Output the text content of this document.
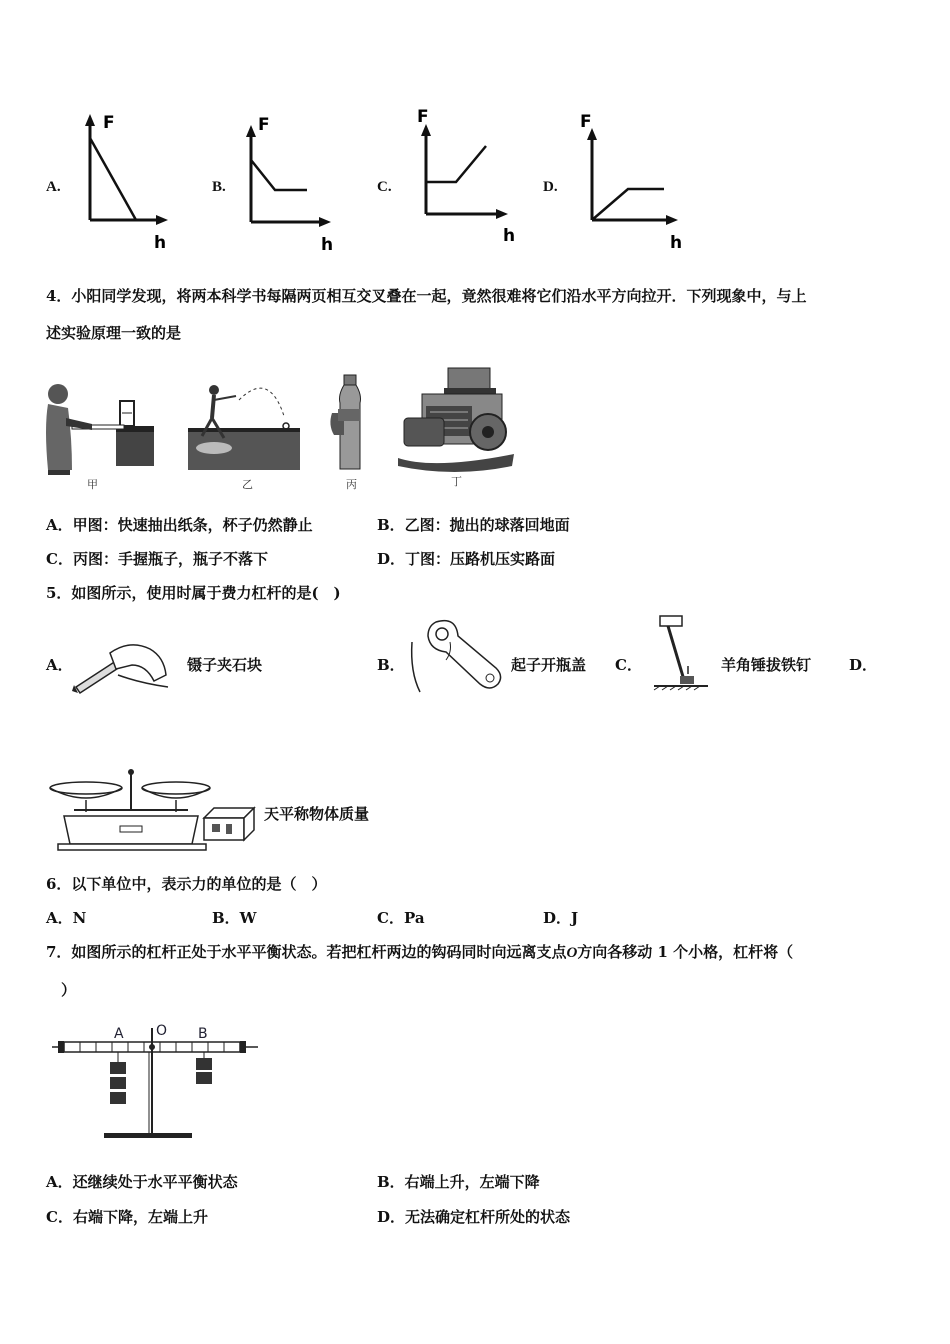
A.
F
h
B.
F
h
C.
F
h
D.
F
h
4．小阳同学发现，将两本科学书每隔两页相互交叉叠在一起，竟然很难将它们沿水平方向拉开．下列现象中，与上
述实验原理一致的是
甲	乙	丙	丁
A．甲图：快速抽出纸条，杯子仍然静止	B．乙图：抛出的球落回地面
C．丙图：手握瓶子，瓶子不落下	D．丁图：压路机压实路面
5．如图所示，使用时属于费力杠杆的是(　)
A．	镊子夹石块	B．	起子开瓶盖 C．	羊角锤拔铁钉	D．
天平称物体质量
6．以下单位中，表示力的单位的是（　）
A．N	B．W	C．Pa	D．J
7．如图所示的杠杆正处于水平平衡状态。若把杠杆两边的钩码同时向远离支点O方向各移动 1 个小格，杠杆将（
　）
A O B
A．还继续处于水平平衡状态	B．右端上升，左端下降
C．右端下降，左端上升	D．无法确定杠杆所处的状态
